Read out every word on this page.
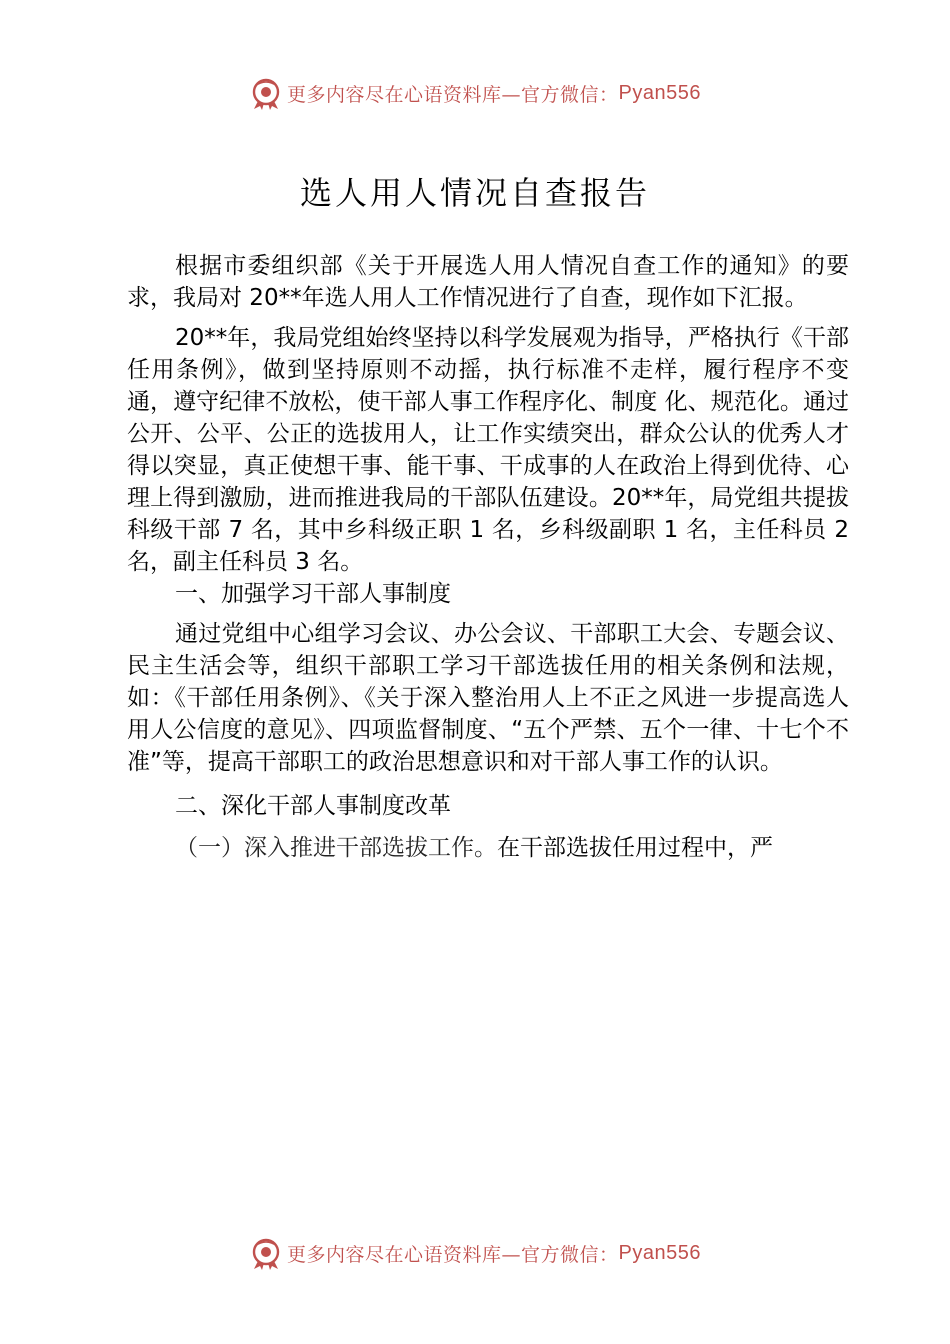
更多内容尽在心语资料库—官方微信： Pyan556
选人用人情况自查报告

根据市委组织部《关于开展选人用人情况自查工作的通知》的要求，我局对 20**年选人用人工作情况进行了自查，现作如下汇报。

20**年，我局党组始终坚持以科学发展观为指导，严格执行《干部任用条例》，做到坚持原则不动摇，执行标准不走样，履行程序不变通，遵守纪律不放松，使干部人事工作程序化、制度 化、规范化。通过公开、公平、公正的选拔用人，让工作实绩突出，群众公认的优秀人才得以突显，真正使想干事、能干事、干成事的人在政治上得到优待、心理上得到激励，进而推进我局的干部队伍建设。20**年，局党组共提拔科级干部 7 名，其中乡科级正职 1 名，乡科级副职 1 名，主任科员 2 名，副主任科员 3 名。

一、加强学习干部人事制度

通过党组中心组学习会议、办公会议、干部职工大会、专题会议、民主生活会等，组织干部职工学习干部选拔任用的相关条例和法规，如：《干部任用条例》、《关于深入整治用人上不正之风进一步提高选人用人公信度的意见》、四项监督制度、“五个严禁、五个一律、十七个不准”等，提高干部职工的政治思想意识和对干部人事工作的认识。

二、深化干部人事制度改革

（一）深入推进干部选拔工作。在干部选拔任用过程中，严

更多内容尽在心语资料库—官方微信： Pyan556
